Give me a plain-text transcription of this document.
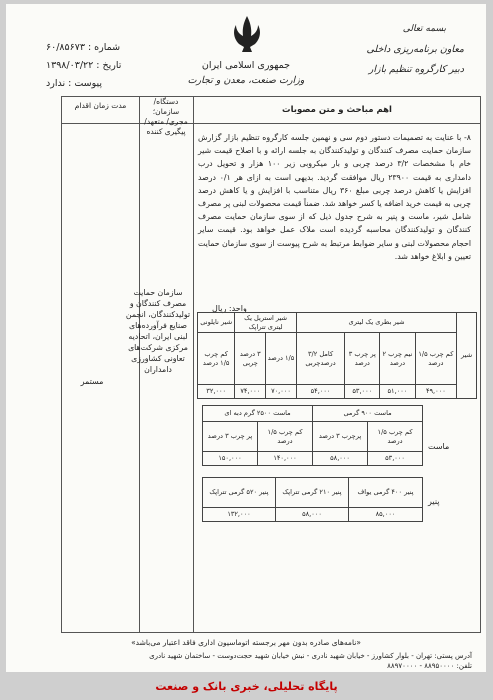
بسمه تعالی
معاون برنامه‌ریزی داخلی
دبیر کارگروه تنظیم بازار
جمهوری اسلامی ایران
وزارت صنعت، معدن و تجارت
شماره : ۶۰/۸۵۶۷۳
تاریخ : ۱۳۹۸/۰۳/۲۲
پیوست : ندارد
مدت زمان اقدام	دستگاه/سازمان؛ مجری/ متعهد/ پیگیری کننده
اهم مباحث و متن مصوبات

۸- با عنایت به تصمیمات دستور دوم سی و نهمین جلسه کارگروه تنظیم بازار گزارش سازمان حمایت مصرف کنندگان و تولیدکنندگان به جلسه ارائه و با اصلاح قیمت شیر خام با مشخصات ۳/۲ درصد چربی و بار میکروبی زیر ۱۰۰ هزار و تحویل درب دامداری به قیمت ۲۳۹۰۰ ریال موافقت گردید. بدیهی است به ازای هر ۰/۱ درصد افزایش یا کاهش درصد چربی مبلغ ۳۶۰ ریال متناسب با افزایش و یا کاهش درصد چربی به قیمت خرید اضافه یا کسر خواهد شد. ضمناً قیمت محصولات لبنی پر مصرف شامل شیر، ماست و پنیر به شرح جدول ذیل که از سوی سازمان حمایت مصرف کنندگان و تولیدکنندگان محاسبه گردیده است ملاک عمل خواهد بود. قیمت سایر احجام محصولات لبنی و سایر ضوابط مرتبط به شرح پیوست از سوی سازمان حمایت تعیین و ابلاغ خواهد شد.

واحد: ریال
سازمان حمایت مصرف کنندگان و تولیدکنندگان، انجمن صنایع فرآورده‌های لبنی ایران، اتحادیه مرکزی شرکت‌های تعاونی کشاورزی دامداران
مستمر
شیر	شیر بطری یک لیتری				شیر استریل یک لیتری تتراپک		شیر نایلونی
	کم چرب ۱/۵ درصد	نیم چرب ۲ درصد	پر چرب ۳ درصد	کامل ۳/۲ درصدچربی	۱/۵ درصد	۳ درصد چربی	کم چرب ۱/۵ درصد
	۴۹,۰۰۰	۵۱,۰۰۰	۵۳,۰۰۰	۵۴,۰۰۰	۷۰,۰۰۰	۷۴,۰۰۰	۳۲,۰۰۰
ماست
ماست ۹۰۰ گرمی		ماست ۲۵۰۰ گرم دبه ای	
کم چرب ۱/۵ درصد	پرچرب ۳ درصد	کم چرب ۱/۵ درصد	پر چرب ۳ درصد
۵۳,۰۰۰	۵۸,۰۰۰	۱۴۰,۰۰۰	۱۵۰,۰۰۰
پنیر
پنیر ۴۰۰ گرمی یواف	پنیر ۲۱۰ گرمی تتراپک	پنیر ۵۲۰ گرمی تتراپک
۸۵,۰۰۰	۵۸,۰۰۰	۱۳۲,۰۰۰
«نامه‌های صادره بدون مهر برجسته اتوماسیون اداری فاقد اعتبار می‌باشد»
آدرس پستی: تهران - بلوار کشاورز - خیابان شهید نادری - نبش خیابان شهید حجت‌دوست - ساختمان شهید نادری
تلفن: ۸۸۹۵۰۰۰۰ - ۸۸۹۷۰۰۰۰
پایگاه تحلیلی، خبری بانک و صنعت
